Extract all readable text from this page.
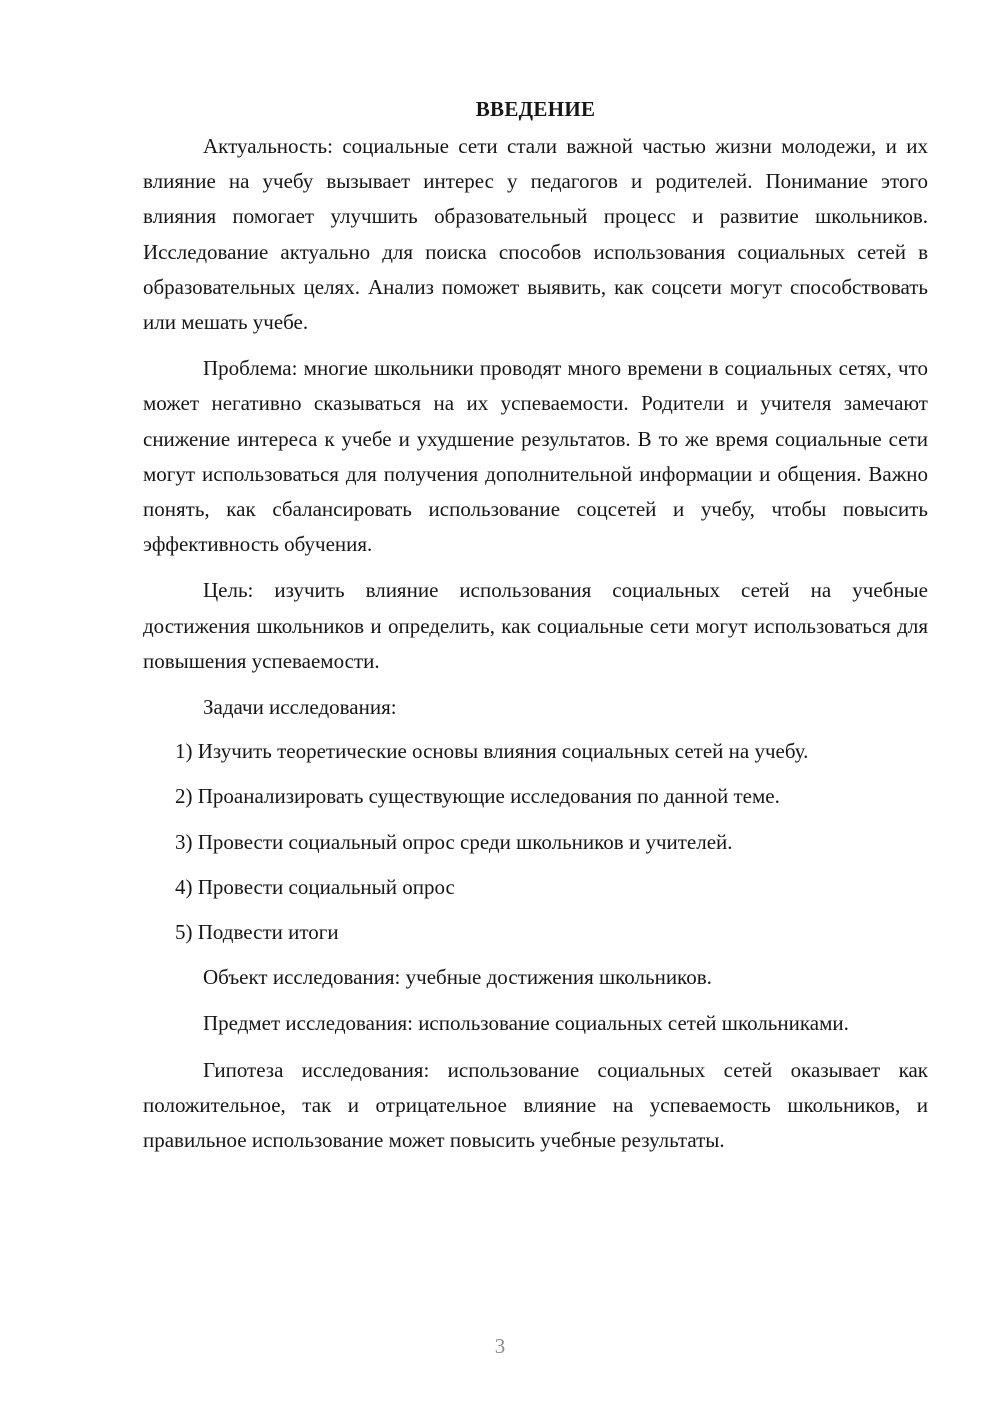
ВВЕДЕНИЕ

Актуальность: социальные сети стали важной частью жизни молодежи, и их влияние на учебу вызывает интерес у педагогов и родителей. Понимание этого влияния помогает улучшить образовательный процесс и развитие школьников. Исследование актуально для поиска способов использования социальных сетей в образовательных целях. Анализ поможет выявить, как соцсети могут способствовать или мешать учебе.

Проблема: многие школьники проводят много времени в социальных сетях, что может негативно сказываться на их успеваемости. Родители и учителя замечают снижение интереса к учебе и ухудшение результатов. В то же время социальные сети могут использоваться для получения дополнительной информации и общения. Важно понять, как сбалансировать использование соцсетей и учебу, чтобы повысить эффективность обучения.

Цель: изучить влияние использования социальных сетей на учебные достижения школьников и определить, как социальные сети могут использоваться для повышения успеваемости.

Задачи исследования:

1) Изучить теоретические основы влияния социальных сетей на учебу.
2) Проанализировать существующие исследования по данной теме.
3) Провести социальный опрос среди школьников и учителей.
4) Провести социальный опрос
5) Подвести итоги

Объект исследования: учебные достижения школьников.

Предмет исследования: использование социальных сетей школьниками.

Гипотеза исследования: использование социальных сетей оказывает как положительное, так и отрицательное влияние на успеваемость школьников, и правильное использование может повысить учебные результаты.

3
